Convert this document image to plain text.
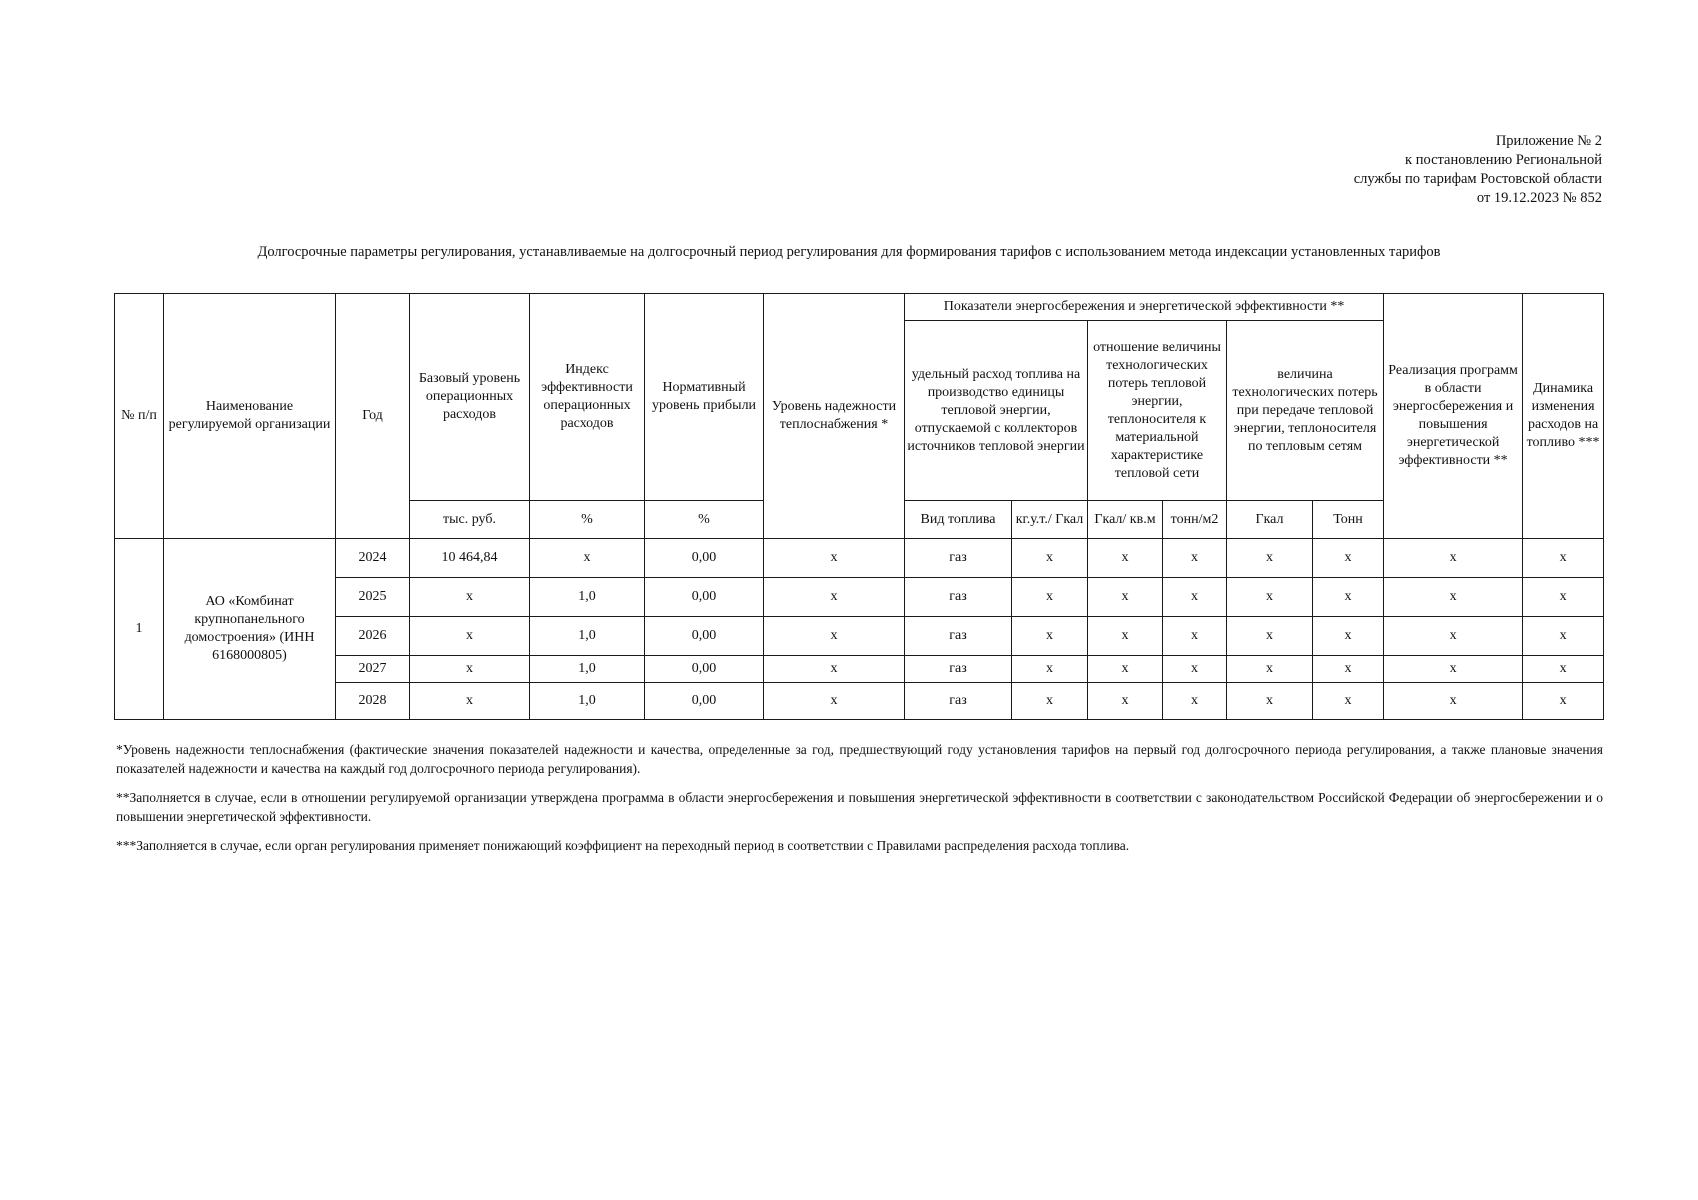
Приложение № 2
к постановлению Региональной
службы по тарифам Ростовской области
от 19.12.2023 № 852
Долгосрочные параметры регулирования, устанавливаемые на долгосрочный период регулирования для формирования тарифов с использованием метода индексации установленных тарифов
№ п/п	Наименование регулируемой организации	Год	Базовый уровень операционных расходов	Индекс эффективности операционных расходов	Нормативный уровень прибыли	Уровень надежности теплоснабжения *	Показатели энергосбережения и энергетической эффективности **						Реализация программ в области энергосбережения и повышения энергетической эффективности **	Динамика изменения расходов на топливо ***
							удельный расход топлива на производство единицы тепловой энергии, отпускаемой с коллекторов источников тепловой энергии		отношение величины технологических потерь тепловой энергии, теплоносителя к материальной характеристике тепловой сети		величина технологических потерь при передаче тепловой энергии, теплоносителя по тепловым сетям			
			тыс. руб.	%	%		Вид топлива	кг.у.т./ Гкал	Гкал/ кв.м	тонн/м2	Гкал	Тонн		
1	АО «Комбинат крупнопанельного домостроения» (ИНН 6168000805)	2024	10 464,84	х	0,00	х	газ	х	х	х	х	х	х	х
		2025	х	1,0	0,00	х	газ	х	х	х	х	х	х	х
		2026	х	1,0	0,00	х	газ	х	х	х	х	х	х	х
		2027	х	1,0	0,00	х	газ	х	х	х	х	х	х	х
		2028	х	1,0	0,00	х	газ	х	х	х	х	х	х	х

*Уровень надежности теплоснабжения (фактические значения показателей надежности и качества, определенные за год, предшествующий году установления тарифов на первый год долгосрочного периода регулирования, а также плановые значения показателей надежности и качества на каждый год долгосрочного периода регулирования).

**Заполняется в случае, если в отношении регулируемой организации утверждена программа в области энергосбережения и повышения энергетической эффективности в соответствии с законодательством Российской Федерации об энергосбережении и о повышении энергетической эффективности.

***Заполняется в случае, если орган регулирования применяет понижающий коэффициент на переходный период в соответствии с Правилами распределения расхода топлива.
